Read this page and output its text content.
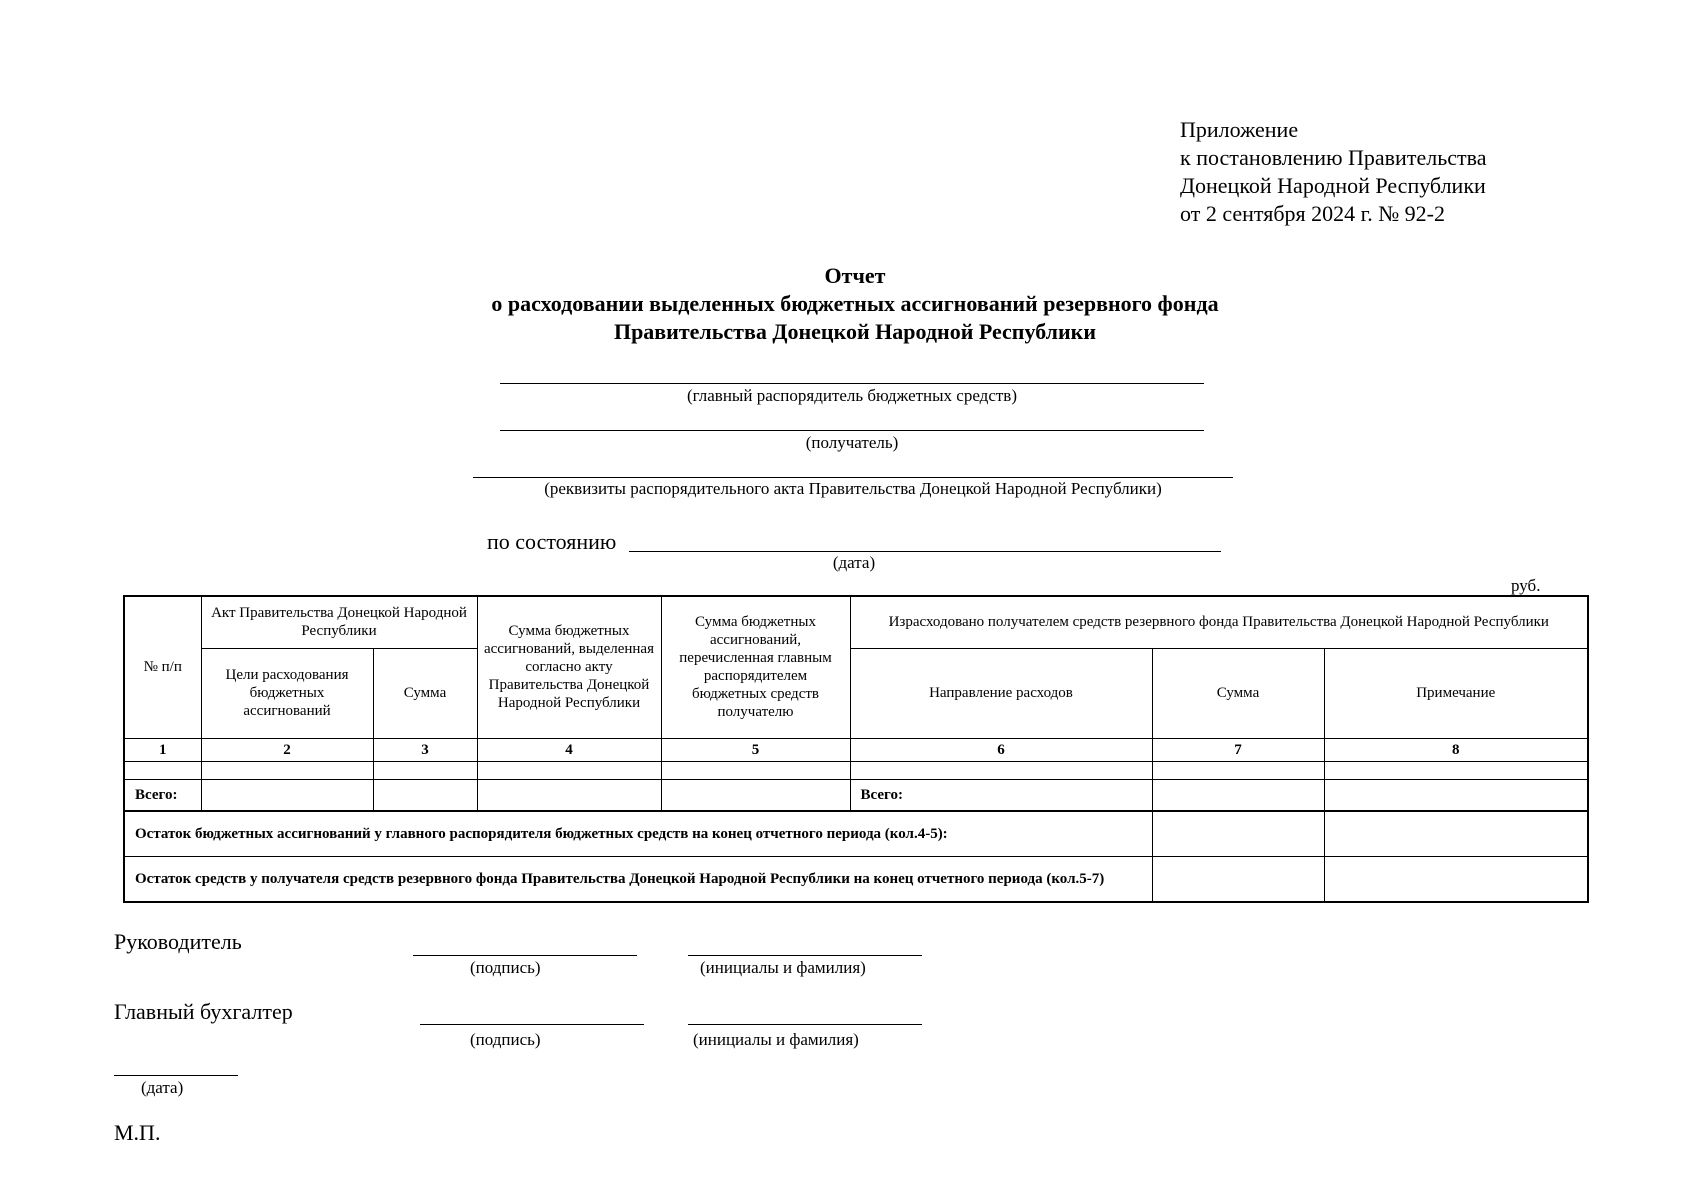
Приложение
к постановлению Правительства
Донецкой Народной Республики
от 2 сентября 2024 г. № 92-2
Отчет
о расходовании выделенных бюджетных ассигнований резервного фонда
Правительства Донецкой Народной Республики
(главный распорядитель бюджетных средств)
(получатель)
(реквизиты распорядительного акта Правительства Донецкой Народной Республики)
по состоянию
(дата)
руб.
№ п/п	Акт Правительства Донецкой Народной Республики		Сумма бюджетных ассигнований, выделенная согласно акту Правительства Донецкой Народной Республики	Сумма бюджетных ассигнований, перечисленная главным распорядителем бюджетных средств получателю	Израсходовано получателем средств резервного фонда Правительства Донецкой Народной Республики		
	Цели расходования бюджетных ассигнований	Сумма			Направление расходов	Сумма	Примечание
1	2	3	4	5	6	7	8

Всего:					Всего:		
Остаток бюджетных ассигнований у главного распорядителя бюджетных средств на конец отчетного периода (кол.4-5):							
Остаток средств у получателя средств резервного фонда Правительства Донецкой Народной Республики на конец отчетного периода (кол.5-7)							
Руководитель
(подпись)	(инициалы и фамилия)
Главный бухгалтер
(подпись)	(инициалы и фамилия)
(дата)
М.П.
